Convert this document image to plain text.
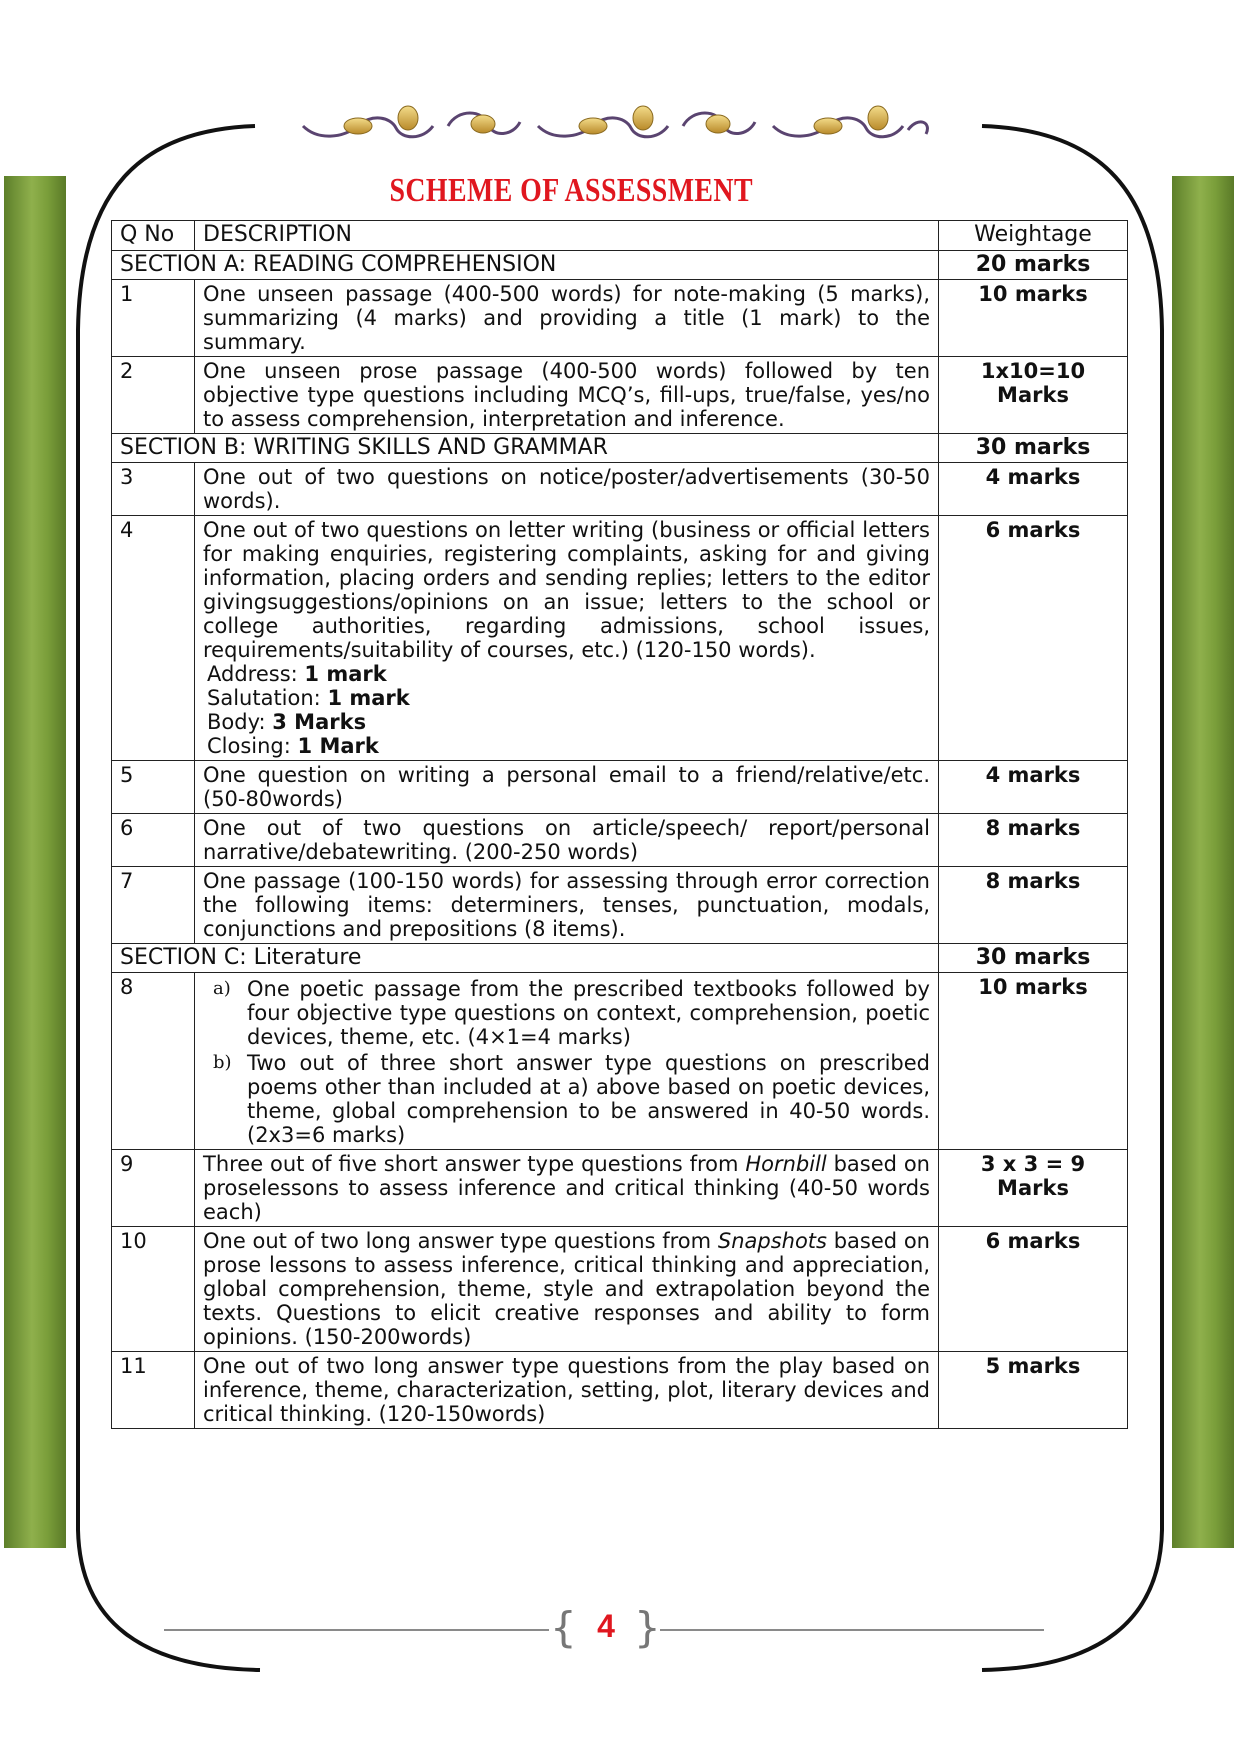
SCHEME OF ASSESSMENT
Q No	DESCRIPTION	Weightage
SECTION A: READING COMPREHENSION		20 marks
1	One unseen passage (400-500 words) for note-making (5 marks), summarizing (4 marks) and providing a title (1 mark) to the summary.	10 marks
2	One unseen prose passage (400-500 words) followed by ten objective type questions including MCQ’s, fill-ups, true/false, yes/no to assess comprehension, interpretation and inference.	1x10=10
Marks

SECTION B: WRITING SKILLS AND GRAMMAR		30 marks
3	One out of two questions on notice/poster/advertisements (30-50 words).	4 marks
4	One out of two questions on letter writing (business or official letters for making enquiries, registering complaints, asking for and giving information, placing orders and sending replies; letters to the editor givingsuggestions/opinions on an issue; letters to the school or college authorities, regarding admissions, school issues, requirements/suitability of courses, etc.) (120-150 words).
Address: 1 mark
Salutation: 1 mark
Body: 3 Marks
Closing: 1 Mark	6 marks
5	One question on writing a personal email to a friend/relative/etc. (50-80words)	4 marks
6	One out of two questions on article/speech/ report/personal narrative/debatewriting. (200-250 words)	8 marks
7	One passage (100-150 words) for assessing through error correction the following items: determiners, tenses, punctuation, modals, conjunctions and prepositions (8 items).	8 marks
SECTION C: Literature		30 marks
8	a) One poetic passage from the prescribed textbooks followed by four objective type questions on context, comprehension, poetic devices, theme, etc. (4×1=4 marks)
b) Two out of three short answer type questions on prescribed poems other than included at a) above based on poetic devices, theme, global comprehension to be answered in 40-50 words. (2x3=6 marks)	10 marks
9	Three out of five short answer type questions from Hornbill based on proselessons to assess inference and critical thinking (40-50 words each)	3 x 3 = 9
Marks

10	One out of two long answer type questions from Snapshots based on prose lessons to assess inference, critical thinking and appreciation, global comprehension, theme, style and extrapolation beyond the texts. Questions to elicit creative responses and ability to form opinions. (150-200words)	6 marks
11	One out of two long answer type questions from the play based on inference, theme, characterization, setting, plot, literary devices and critical thinking. (120-150words)	5 marks
{ }
4
